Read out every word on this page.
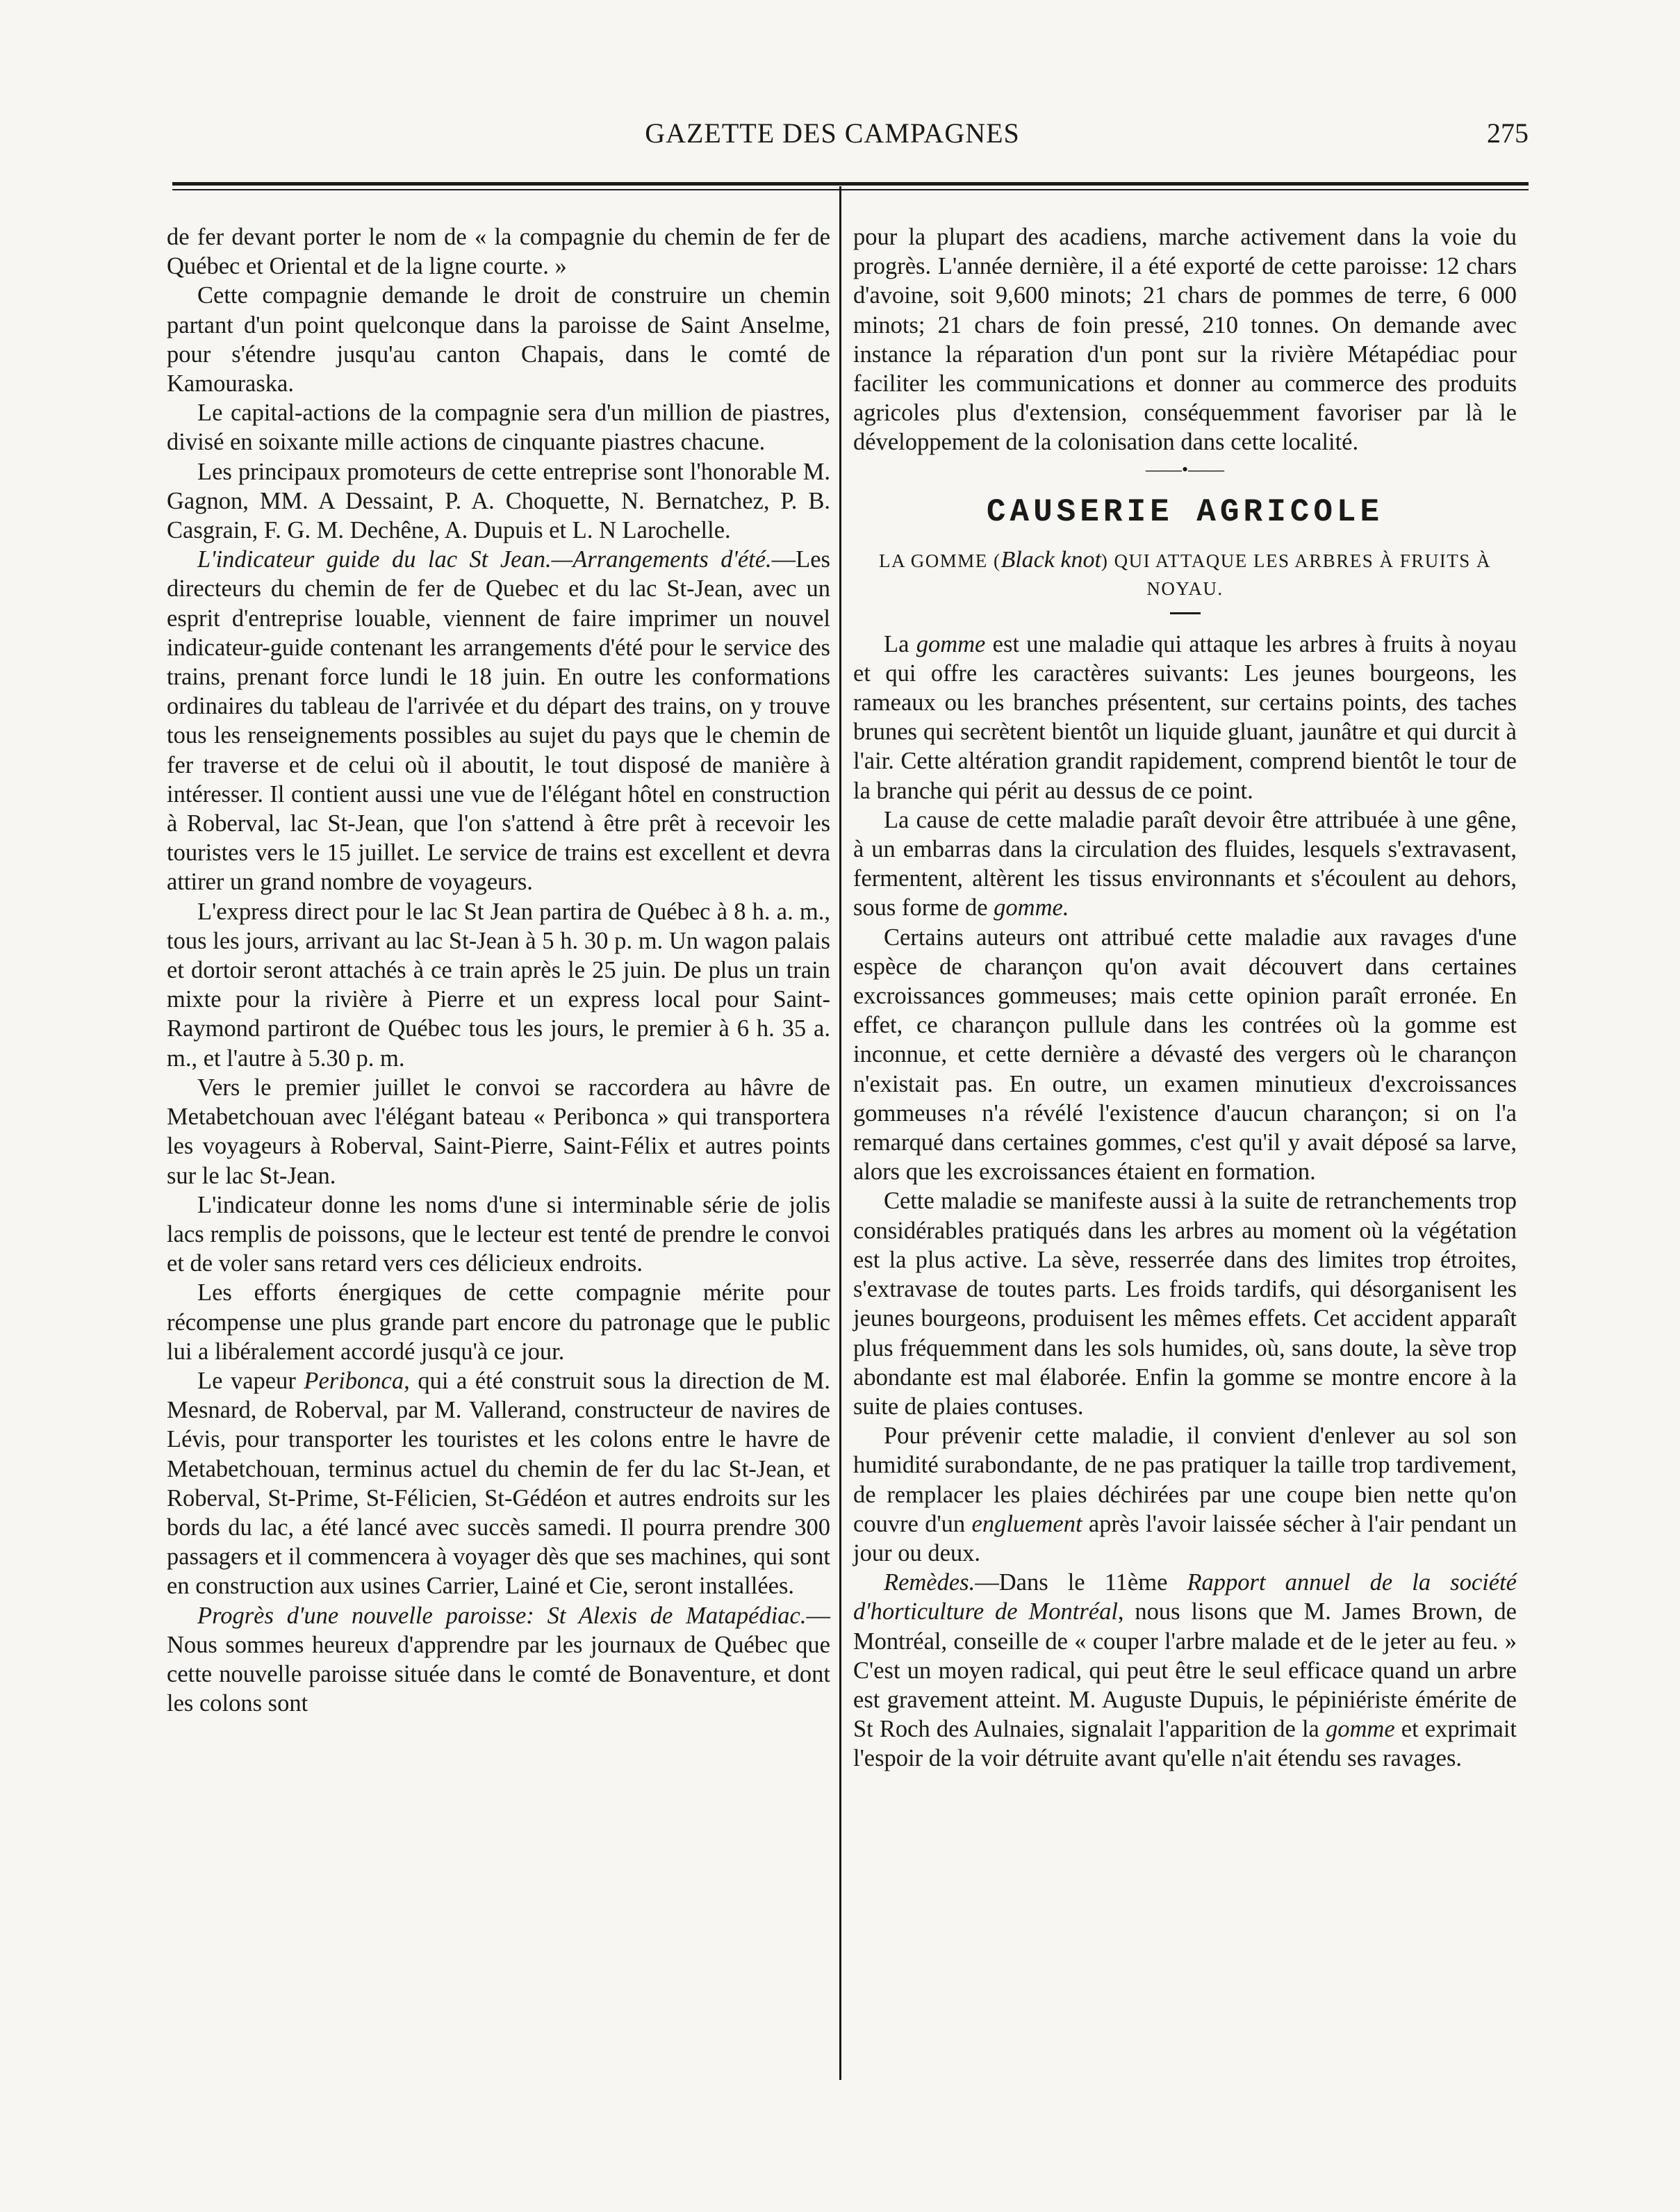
GAZETTE DES CAMPAGNES	275

de fer devant porter le nom de « la compagnie du chemin de fer de Québec et Oriental et de la ligne courte. »

Cette compagnie demande le droit de construire un chemin partant d'un point quelconque dans la paroisse de Saint Anselme, pour s'étendre jusqu'au canton Chapais, dans le comté de Kamouraska.

Le capital-actions de la compagnie sera d'un million de piastres, divisé en soixante mille actions de cinquante piastres chacune.

Les principaux promoteurs de cette entreprise sont l'honorable M. Gagnon, MM. A Dessaint, P. A. Choquette, N. Bernatchez, P. B. Casgrain, F. G. M. Dechêne, A. Dupuis et L. N Larochelle.

L'indicateur guide du lac St Jean.—Arrangements d'été.—Les directeurs du chemin de fer de Quebec et du lac St-Jean, avec un esprit d'entreprise louable, viennent de faire imprimer un nouvel indicateur-guide contenant les arrangements d'été pour le service des trains, prenant force lundi le 18 juin. En outre les conformations ordinaires du tableau de l'arrivée et du départ des trains, on y trouve tous les renseignements possibles au sujet du pays que le chemin de fer traverse et de celui où il aboutit, le tout disposé de manière à intéresser. Il contient aussi une vue de l'élégant hôtel en construction à Roberval, lac St-Jean, que l'on s'attend à être prêt à recevoir les touristes vers le 15 juillet. Le service de trains est excellent et devra attirer un grand nombre de voyageurs.

L'express direct pour le lac St Jean partira de Québec à 8 h. a. m., tous les jours, arrivant au lac St-Jean à 5 h. 30 p. m. Un wagon palais et dortoir seront attachés à ce train après le 25 juin. De plus un train mixte pour la rivière à Pierre et un express local pour Saint-Raymond partiront de Québec tous les jours, le premier à 6 h. 35 a. m., et l'autre à 5.30 p. m.

Vers le premier juillet le convoi se raccordera au hâvre de Metabetchouan avec l'élégant bateau « Peribonca » qui transportera les voyageurs à Roberval, Saint-Pierre, Saint-Félix et autres points sur le lac St-Jean.

L'indicateur donne les noms d'une si interminable série de jolis lacs remplis de poissons, que le lecteur est tenté de prendre le convoi et de voler sans retard vers ces délicieux endroits.

Les efforts énergiques de cette compagnie mérite pour récompense une plus grande part encore du patronage que le public lui a libéralement accordé jusqu'à ce jour.

Le vapeur Peribonca, qui a été construit sous la direction de M. Mesnard, de Roberval, par M. Vallerand, constructeur de navires de Lévis, pour transporter les touristes et les colons entre le havre de Metabetchouan, terminus actuel du chemin de fer du lac St-Jean, et Roberval, St-Prime, St-Félicien, St-Gédéon et autres endroits sur les bords du lac, a été lancé avec succès samedi. Il pourra prendre 300 passagers et il commencera à voyager dès que ses machines, qui sont en construction aux usines Carrier, Lainé et Cie, seront installées.

Progrès d'une nouvelle paroisse: St Alexis de Matapédiac.—Nous sommes heureux d'apprendre par les journaux de Québec que cette nouvelle paroisse située dans le comté de Bonaventure, et dont les colons sont

pour la plupart des acadiens, marche activement dans la voie du progrès. L'année dernière, il a été exporté de cette paroisse: 12 chars d'avoine, soit 9,600 minots; 21 chars de pommes de terre, 6 000 minots; 21 chars de foin pressé, 210 tonnes. On demande avec instance la réparation d'un pont sur la rivière Métapédiac pour faciliter les communications et donner au commerce des produits agricoles plus d'extension, conséquemment favoriser par là le développement de la colonisation dans cette localité.

——•——
CAUSERIE AGRICOLE
LA GOMME (Black knot) QUI ATTAQUE LES ARBRES À FRUITS À NOYAU.

La gomme est une maladie qui attaque les arbres à fruits à noyau et qui offre les caractères suivants: Les jeunes bourgeons, les rameaux ou les branches présentent, sur certains points, des taches brunes qui secrètent bientôt un liquide gluant, jaunâtre et qui durcit à l'air. Cette altération grandit rapidement, comprend bientôt le tour de la branche qui périt au dessus de ce point.

La cause de cette maladie paraît devoir être attribuée à une gêne, à un embarras dans la circulation des fluides, lesquels s'extravasent, fermentent, altèrent les tissus environnants et s'écoulent au dehors, sous forme de gomme.

Certains auteurs ont attribué cette maladie aux ravages d'une espèce de charançon qu'on avait découvert dans certaines excroissances gommeuses; mais cette opinion paraît erronée. En effet, ce charançon pullule dans les contrées où la gomme est inconnue, et cette dernière a dévasté des vergers où le charançon n'existait pas. En outre, un examen minutieux d'excroissances gommeuses n'a révélé l'existence d'aucun charançon; si on l'a remarqué dans certaines gommes, c'est qu'il y avait déposé sa larve, alors que les excroissances étaient en formation.

Cette maladie se manifeste aussi à la suite de retranchements trop considérables pratiqués dans les arbres au moment où la végétation est la plus active. La sève, resserrée dans des limites trop étroites, s'extravase de toutes parts. Les froids tardifs, qui désorganisent les jeunes bourgeons, produisent les mêmes effets. Cet accident apparaît plus fréquemment dans les sols humides, où, sans doute, la sève trop abondante est mal élaborée. Enfin la gomme se montre encore à la suite de plaies contuses.

Pour prévenir cette maladie, il convient d'enlever au sol son humidité surabondante, de ne pas pratiquer la taille trop tardivement, de remplacer les plaies déchirées par une coupe bien nette qu'on couvre d'un engluement après l'avoir laissée sécher à l'air pendant un jour ou deux.

Remèdes.—Dans le 11ème Rapport annuel de la société d'horticulture de Montréal, nous lisons que M. James Brown, de Montréal, conseille de « couper l'arbre malade et de le jeter au feu. » C'est un moyen radical, qui peut être le seul efficace quand un arbre est gravement atteint. M. Auguste Dupuis, le pépiniériste émérite de St Roch des Aulnaies, signalait l'apparition de la gomme et exprimait l'espoir de la voir détruite avant qu'elle n'ait étendu ses ravages.
